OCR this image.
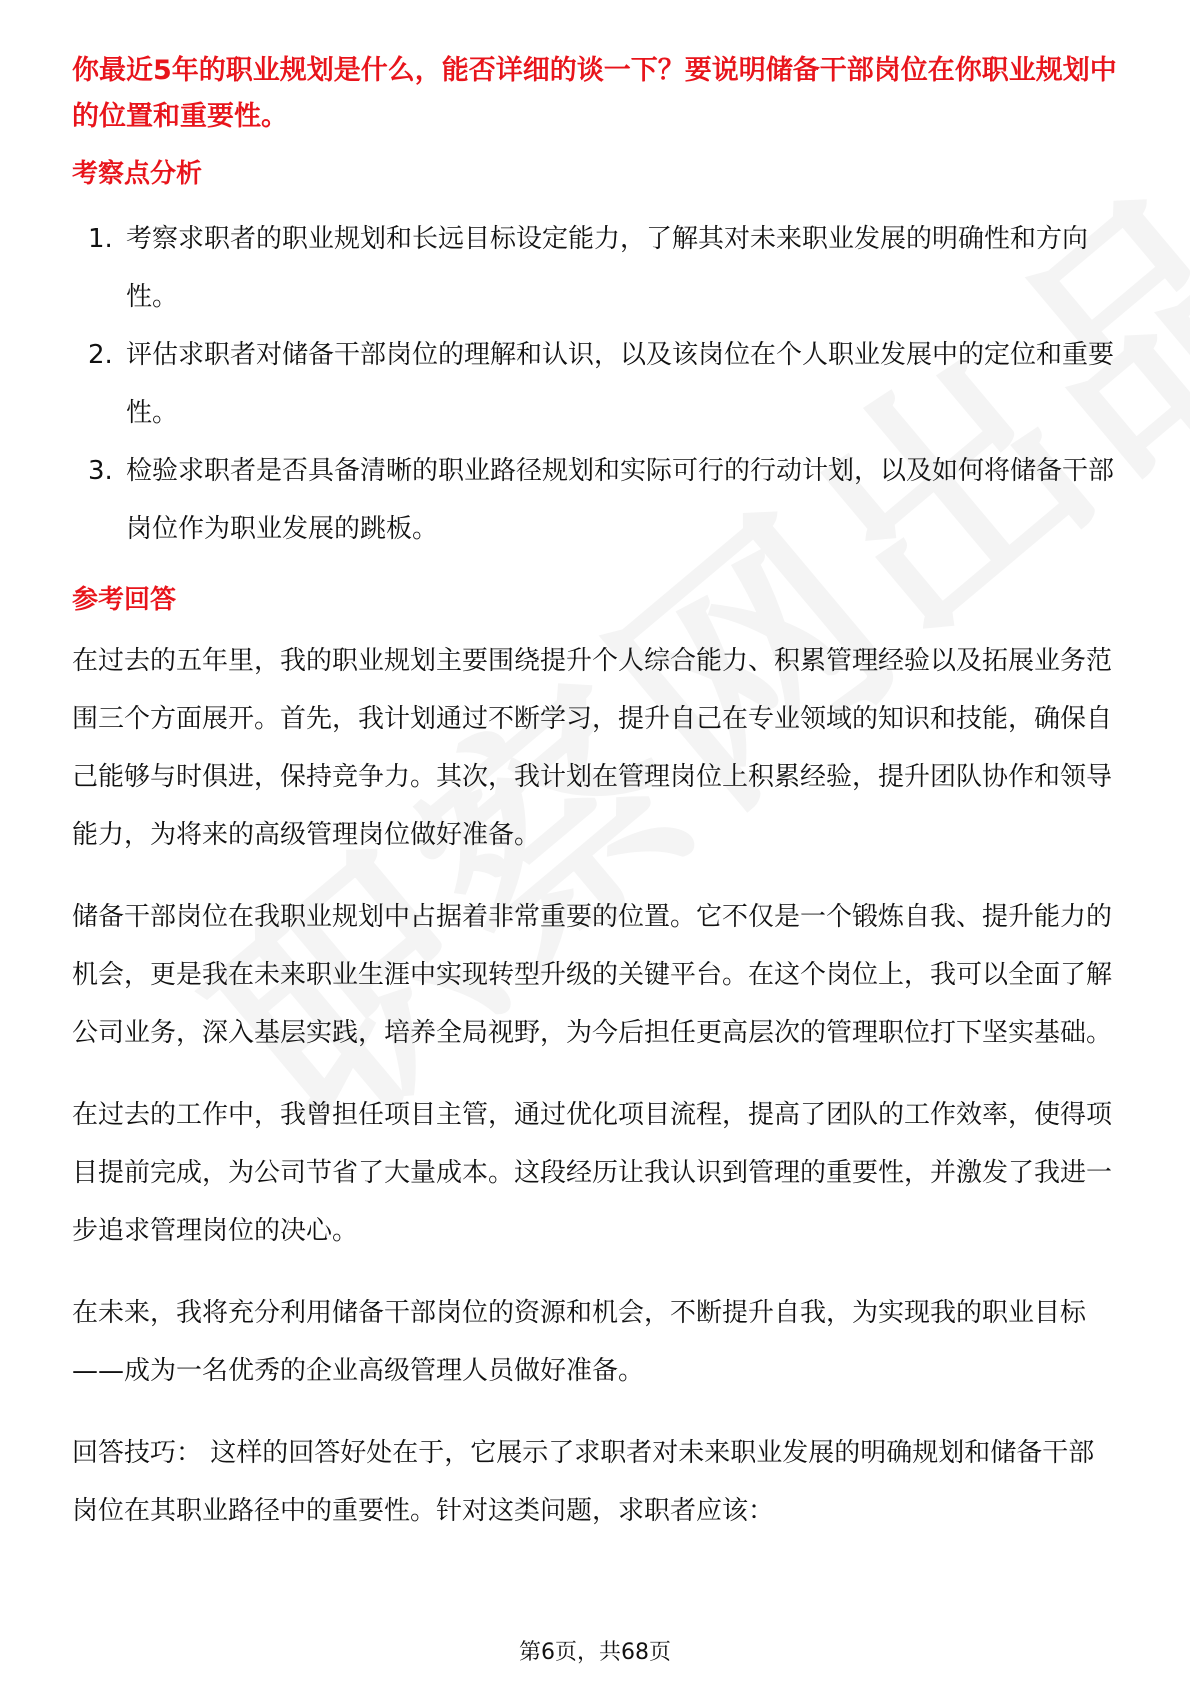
你最近5年的职业规划是什么，能否详细的谈一下？要说明储备干部岗位在你职业规划中的位置和重要性。

考察点分析
1. 考察求职者的职业规划和长远目标设定能力，了解其对未来职业发展的明确性和方向性。
2. 评估求职者对储备干部岗位的理解和认识，以及该岗位在个人职业发展中的定位和重要性。
3. 检验求职者是否具备清晰的职业路径规划和实际可行的行动计划，以及如何将储备干部岗位作为职业发展的跳板。
参考回答

在过去的五年里，我的职业规划主要围绕提升个人综合能力、积累管理经验以及拓展业务范围三个方面展开。首先，我计划通过不断学习，提升自己在专业领域的知识和技能，确保自己能够与时俱进，保持竞争力。其次，我计划在管理岗位上积累经验，提升团队协作和领导能力，为将来的高级管理岗位做好准备。

储备干部岗位在我职业规划中占据着非常重要的位置。它不仅是一个锻炼自我、提升能力的机会，更是我在未来职业生涯中实现转型升级的关键平台。在这个岗位上，我可以全面了解公司业务，深入基层实践，培养全局视野，为今后担任更高层次的管理职位打下坚实基础。

在过去的工作中，我曾担任项目主管，通过优化项目流程，提高了团队的工作效率，使得项目提前完成，为公司节省了大量成本。这段经历让我认识到管理的重要性，并激发了我进一步追求管理岗位的决心。

在未来，我将充分利用储备干部岗位的资源和机会，不断提升自我，为实现我的职业目标——成为一名优秀的企业高级管理人员做好准备。

回答技巧： 这样的回答好处在于，它展示了求职者对未来职业发展的明确规划和储备干部岗位在其职业路径中的重要性。针对这类问题，求职者应该：

第6页，共68页
